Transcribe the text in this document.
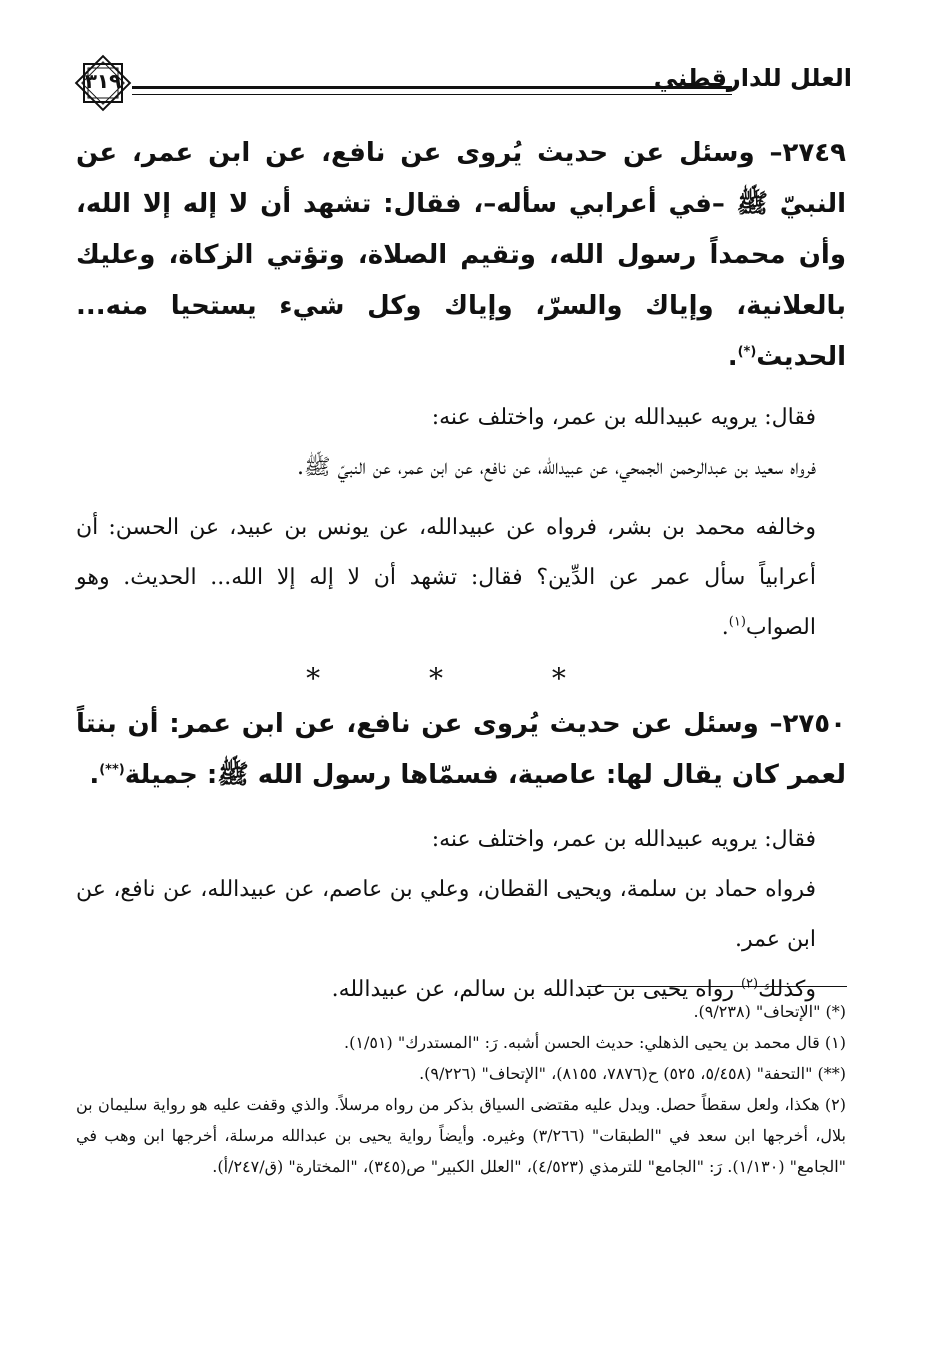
العلل للدارقطني
٣١٩

٢٧٤٩– وسئل عن حديث يُروى عن نافع، عن ابن عمر، عن النبيّ ﷺ –في أعرابي سأله–، فقال: تشهد أن لا إله إلا الله، وأن محمداً رسول الله، وتقيم الصلاة، وتؤتي الزكاة، وعليك بالعلانية، وإياك والسرّ، وإياك وكل شيء يستحيا منه... الحديث(*).

فقال: يرويه عبيدالله بن عمر، واختلف عنه:

فرواه سعيد بن عبدالرحمن الجمحي، عن عبيدالله، عن نافع، عن ابن عمر، عن النبيّ ﷺ.

وخالفه محمد بن بشر، فرواه عن عبيدالله، عن يونس بن عبيد، عن الحسن: أن أعرابياً سأل عمر عن الدِّين؟ فقال: تشهد أن لا إله إلا الله... الحديث. وهو الصواب$^{(١)}$.

* * *

٢٧٥٠– وسئل عن حديث يُروى عن نافع، عن ابن عمر: أن بنتاً لعمر كان يقال لها: عاصية، فسمّاها رسول الله ﷺ: جميلة(**).

فقال: يرويه عبيدالله بن عمر، واختلف عنه:

فرواه حماد بن سلمة، ويحيى القطان، وعلي بن عاصم، عن عبيدالله، عن نافع، عن ابن عمر.

وكذلك$^{(٢)}$ رواه يحيى بن عبدالله بن سالم، عن عبيدالله.

(*) "الإتحاف" (٩/٢٣٨).

(١) قال محمد بن يحيى الذهلي: حديث الحسن أشبه. رَ: "المستدرك" (١/٥١).

(**) "التحفة" (٥/٤٥٨، ٥٢٥) ح(٧٨٧٦، ٨١٥٥)، "الإتحاف" (٩/٢٢٦).

(٢) هكذا، ولعل سقطاً حصل. ويدل عليه مقتضى السياق بذكر من رواه مرسلاً. والذي وقفت عليه هو رواية سليمان بن بلال، أخرجها ابن سعد في "الطبقات" (٣/٢٦٦) وغيره. وأيضاً رواية يحيى بن عبدالله مرسلة، أخرجها ابن وهب في "الجامع" (١/١٣٠). رَ: "الجامع" للترمذي (٤/٥٢٣)، "العلل الكبير" ص(٣٤٥)، "المختارة" (ق/٢٤٧/أ).
